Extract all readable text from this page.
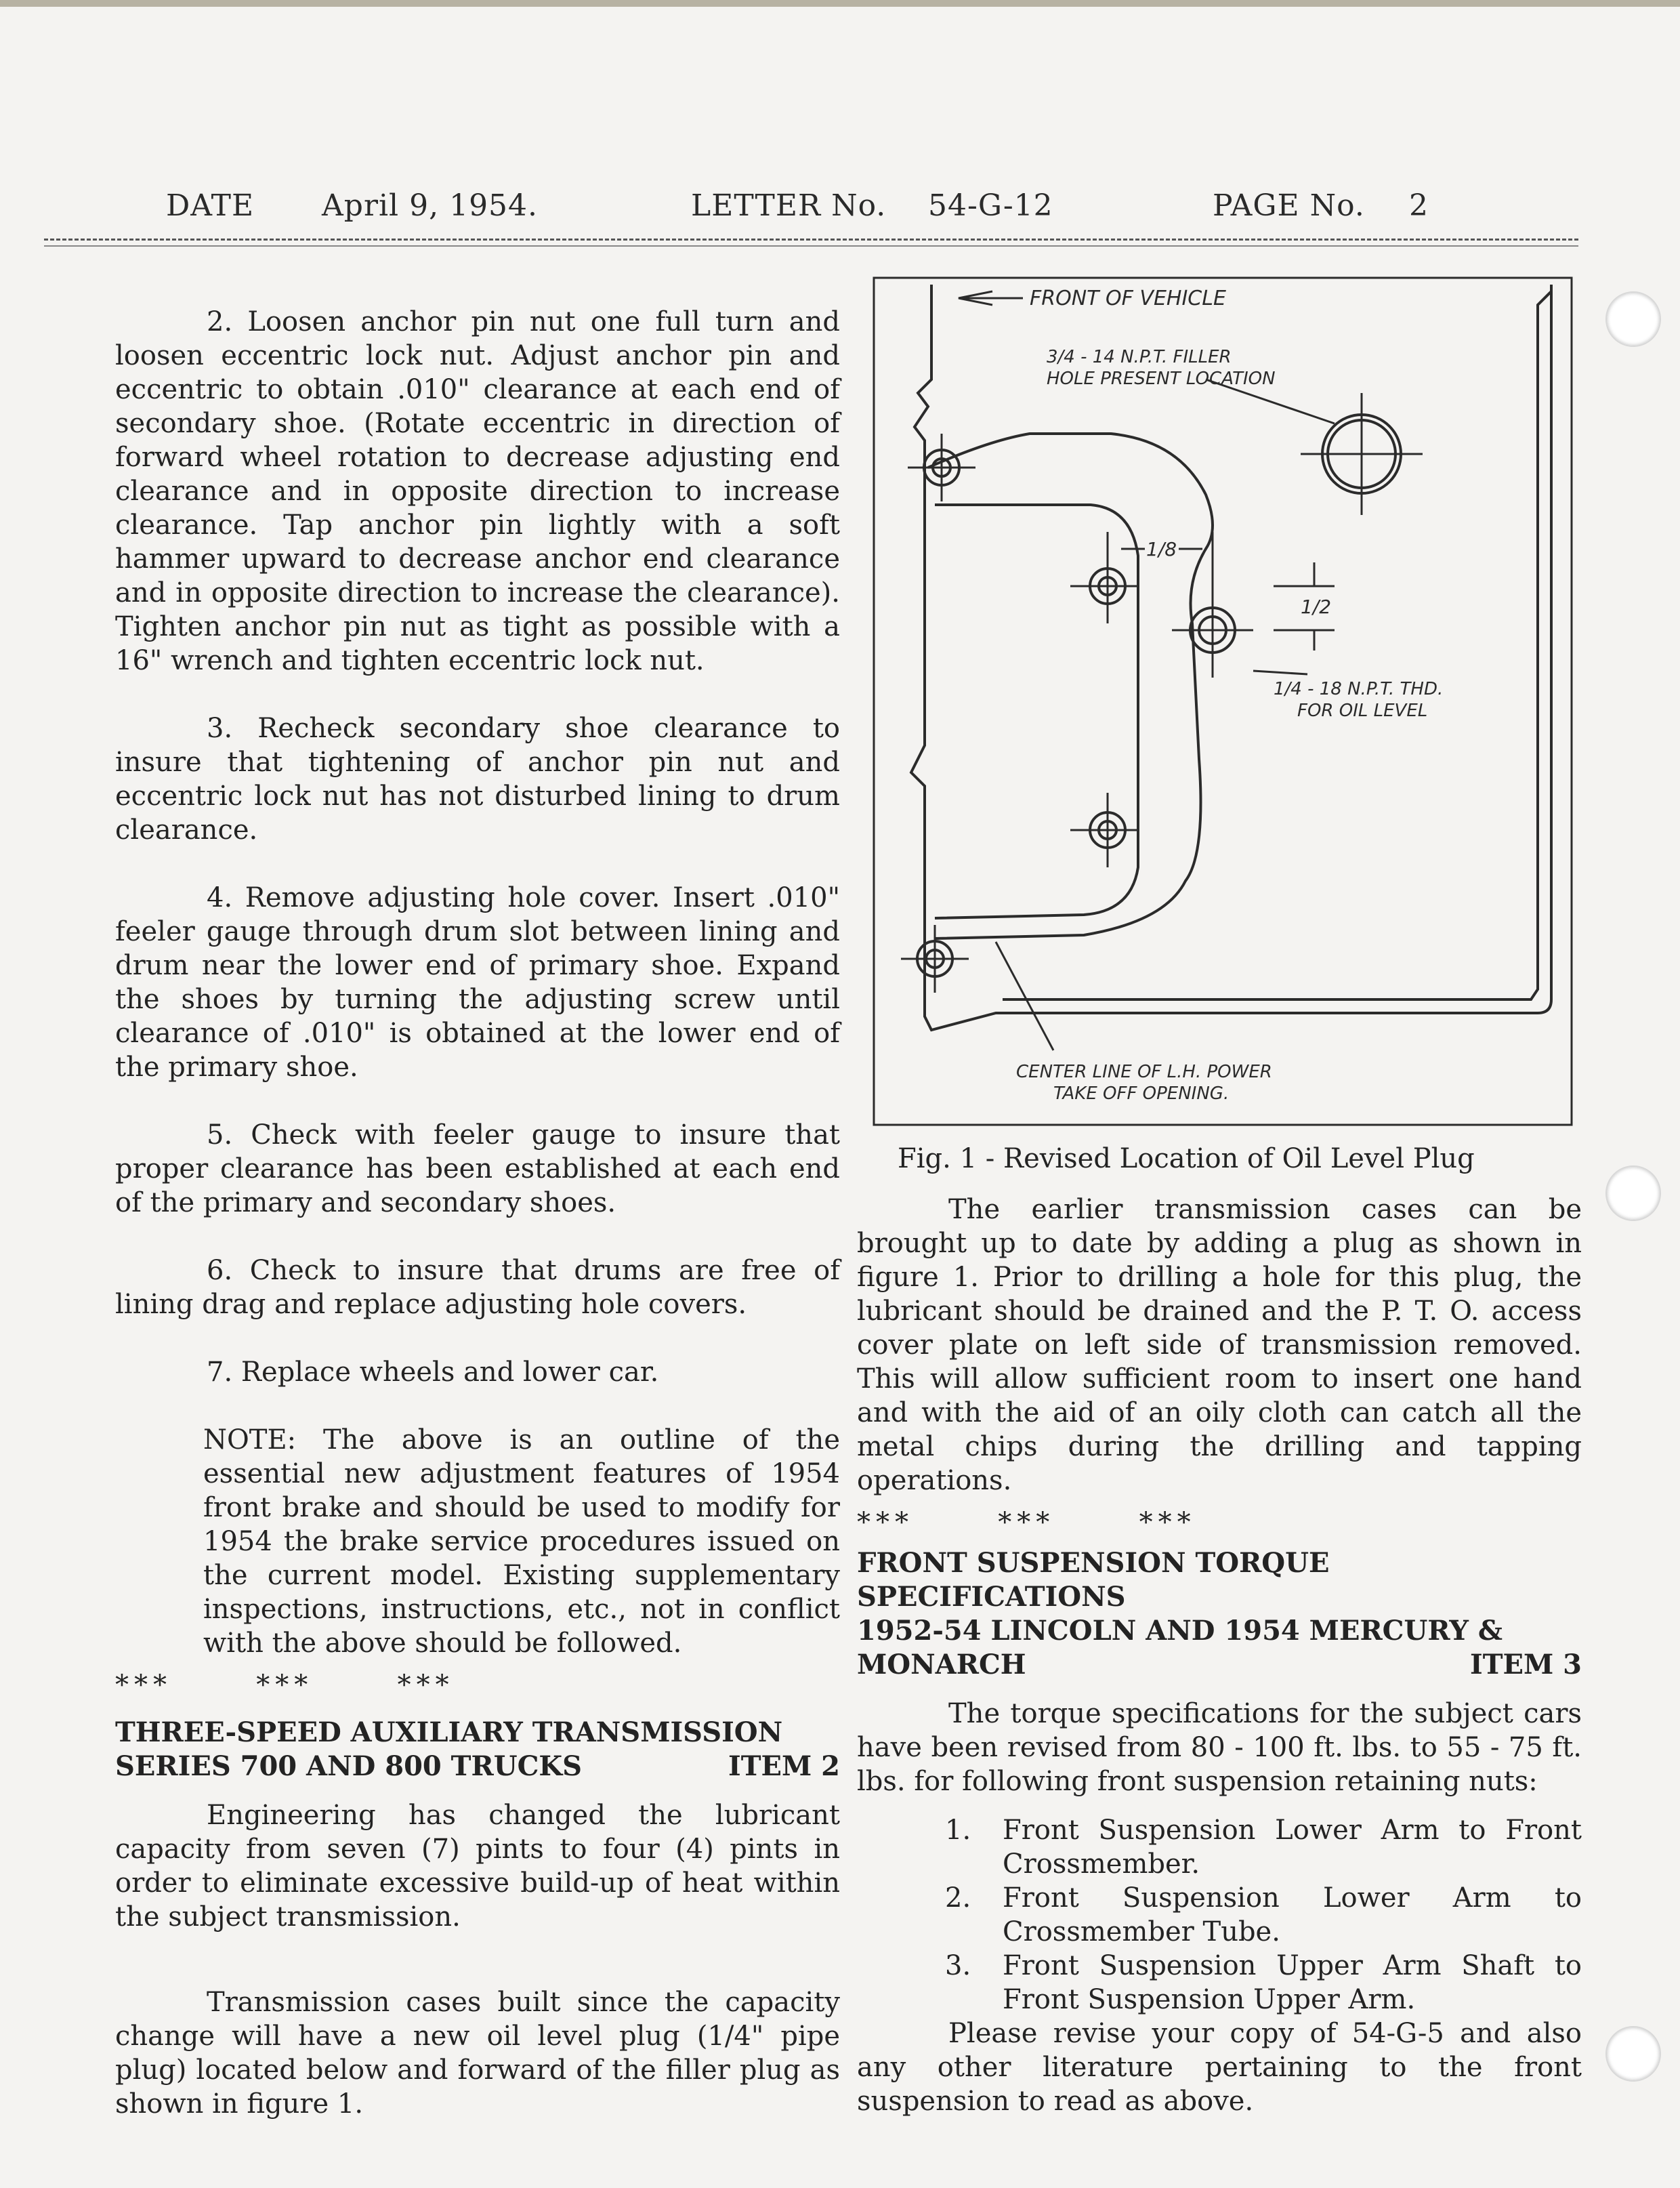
DATE April 9, 1954.	LETTER No. 54-G-12	PAGE No. 2

2. Loosen anchor pin nut one full turn and loosen eccentric lock nut. Adjust anchor pin and eccentric to obtain .010" clearance at each end of secondary shoe. (Rotate eccentric in direction of forward wheel rotation to decrease adjusting end clearance and in opposite direction to increase clearance. Tap anchor pin lightly with a soft hammer upward to decrease anchor end clearance and in opposite direction to increase the clearance). Tighten anchor pin nut as tight as possible with a 16" wrench and tighten eccentric lock nut.

3. Recheck secondary shoe clearance to insure that tightening of anchor pin nut and eccentric lock nut has not disturbed lining to drum clearance.

4. Remove adjusting hole cover. Insert .010" feeler gauge through drum slot between lining and drum near the lower end of primary shoe. Expand the shoes by turning the adjusting screw until clearance of .010" is obtained at the lower end of the primary shoe.

5. Check with feeler gauge to insure that proper clearance has been established at each end of the primary and secondary shoes.

6. Check to insure that drums are free of lining drag and replace adjusting hole covers.

7. Replace wheels and lower car.

NOTE: The above is an outline of the essential new adjustment features of 1954 front brake and should be used to modify for 1954 the brake service procedures issued on the current model. Existing supplementary inspections, instructions, etc., not in conflict with the above should be followed.

***      ***      ***

THREE-SPEED AUXILIARY TRANSMISSION

SERIES 700 AND 800 TRUCKS	ITEM 2

Engineering has changed the lubricant capacity from seven (7) pints to four (4) pints in order to eliminate excessive build-up of heat within the subject transmission.

Transmission cases built since the capacity change will have a new oil level plug (1/4" pipe plug) located below and forward of the filler plug as shown in figure 1.

FRONT OF VEHICLE
3/4 - 14 N.P.T. FILLER
HOLE PRESENT LOCATION
1/8
1/2
1/4 - 18 N.P.T. THD.
FOR OIL LEVEL
CENTER LINE OF L.H. POWER
TAKE OFF OPENING.

Fig. 1 - Revised Location of Oil Level Plug

The earlier transmission cases can be brought up to date by adding a plug as shown in figure 1. Prior to drilling a hole for this plug, the lubricant should be drained and the P. T. O. access cover plate on left side of transmission removed. This will allow sufficient room to insert one hand and with the aid of an oily cloth can catch all the metal chips during the drilling and tapping operations.

***      ***      ***

FRONT SUSPENSION TORQUE

SPECIFICATIONS

1952-54 LINCOLN AND 1954 MERCURY &

MONARCH	ITEM 3

The torque specifications for the subject cars have been revised from 80 - 100 ft. lbs. to 55 - 75 ft. lbs. for following front suspension retaining nuts:

1. Front Suspension Lower Arm to Front Crossmember.
2. Front Suspension Lower Arm to Crossmember Tube.
3. Front Suspension Upper Arm Shaft to Front Suspension Upper Arm.

Please revise your copy of 54-G-5 and also any other literature pertaining to the front suspension to read as above.
